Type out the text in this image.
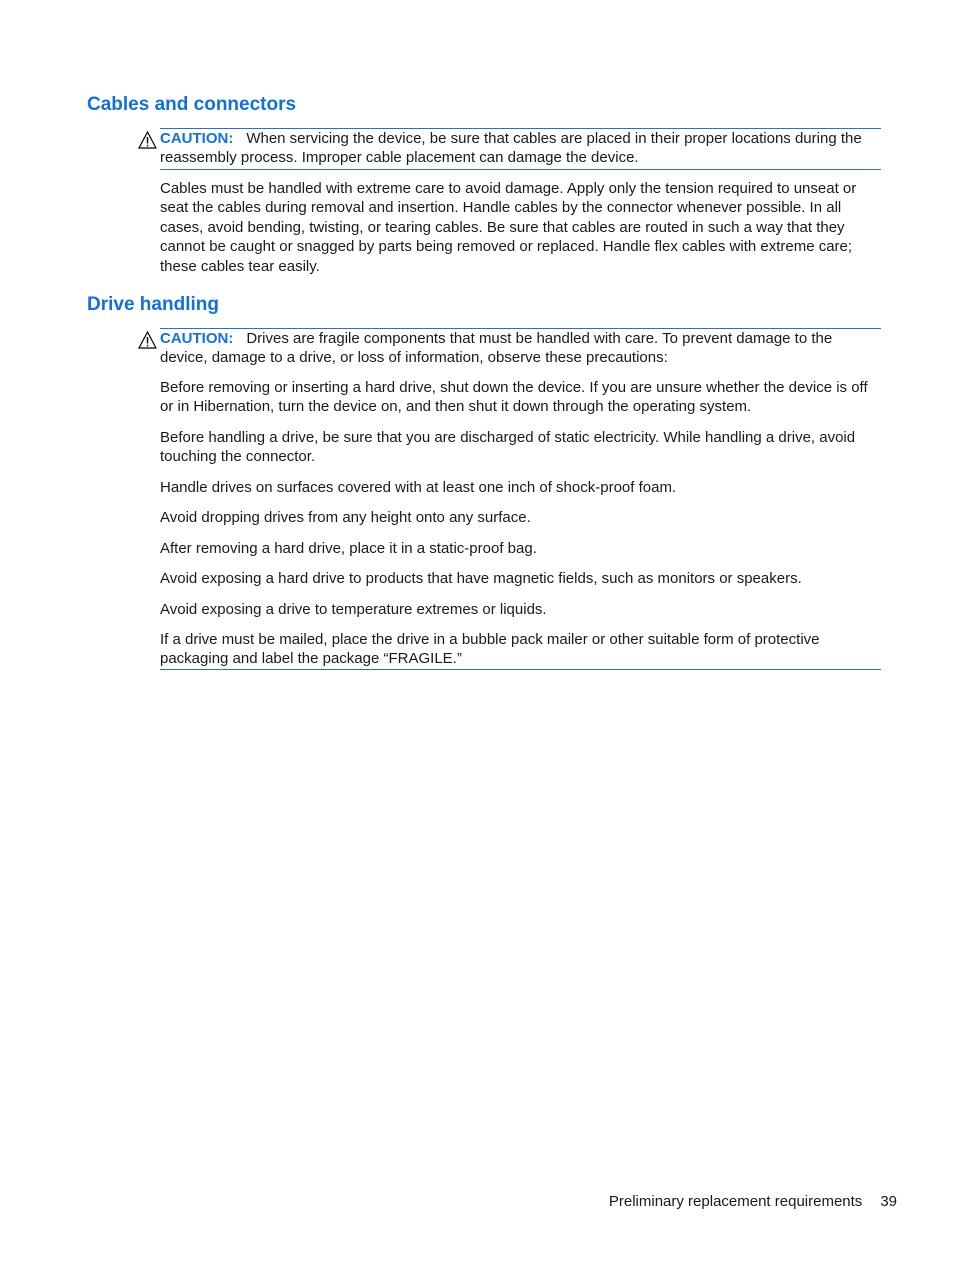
Cables and connectors
CAUTION: When servicing the device, be sure that cables are placed in their proper locations during the reassembly process. Improper cable placement can damage the device.

Cables must be handled with extreme care to avoid damage. Apply only the tension required to unseat or seat the cables during removal and insertion. Handle cables by the connector whenever possible. In all cases, avoid bending, twisting, or tearing cables. Be sure that cables are routed in such a way that they cannot be caught or snagged by parts being removed or replaced. Handle flex cables with extreme care; these cables tear easily.

Drive handling
CAUTION: Drives are fragile components that must be handled with care. To prevent damage to the device, damage to a drive, or loss of information, observe these precautions:

Before removing or inserting a hard drive, shut down the device. If you are unsure whether the device is off or in Hibernation, turn the device on, and then shut it down through the operating system.

Before handling a drive, be sure that you are discharged of static electricity. While handling a drive, avoid touching the connector.

Handle drives on surfaces covered with at least one inch of shock-proof foam.

Avoid dropping drives from any height onto any surface.

After removing a hard drive, place it in a static-proof bag.

Avoid exposing a hard drive to products that have magnetic fields, such as monitors or speakers.

Avoid exposing a drive to temperature extremes or liquids.

If a drive must be mailed, place the drive in a bubble pack mailer or other suitable form of protective packaging and label the package “FRAGILE.”

Preliminary replacement requirements 39
